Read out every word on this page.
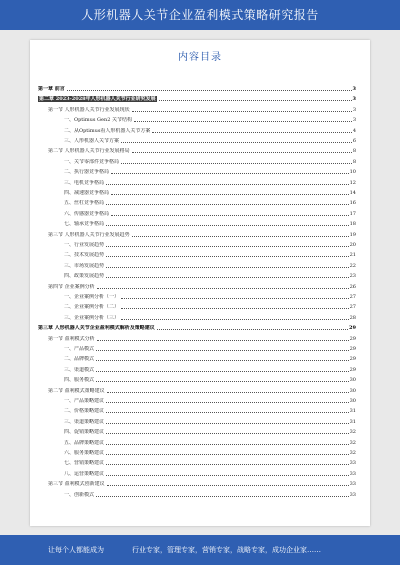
人形机器人关节企业盈利模式策略研究报告
内容目录
第一章 前言	3
第二章 2023-2028年人形机器人关节行业研究发展	3
第一节 人形机器人关节行业发展现状	3
一、Optimus Gen2 关节结构	3
二、从Optimus看人形机器人关节方案	4
三、人形机器人关节方案	6
第二节 人形机器人关节行业发展格局	8
一、关节零部件竞争格局	8
二、执行器竞争格局	10
三、电机竞争格局	12
四、减速器竞争格局	14
五、丝杠竞争格局	16
六、传感器竞争格局	17
七、轴承竞争格局	18
第三节 人形机器人关节行业发展趋势	19
一、行业发展趋势	20
二、技术发展趋势	21
三、市场发展趋势	22
四、政策发展趋势	23
第四节 企业案例分析	26
一、企业案例分析（一）	27
二、企业案例分析（二）	27
三、企业案例分析（三）	28
第三章 人形机器人关节企业盈利模式解析及策略建议	29
第一节 盈利模式分析	29
一、产品模式	29
二、品牌模式	29
三、渠道模式	29
四、服务模式	30
第二节 盈利模式策略建议	30
一、产品策略建议	30
二、价格策略建议	31
三、渠道策略建议	31
四、促销策略建议	32
五、品牌策略建议	32
六、服务策略建议	32
七、营销策略建议	33
八、运营策略建议	33
第三节 盈利模式创新建议	33
一、创新模式	33
让每个人都能成为	行业专家，管理专家，营销专家，战略专家，成功企业家……
